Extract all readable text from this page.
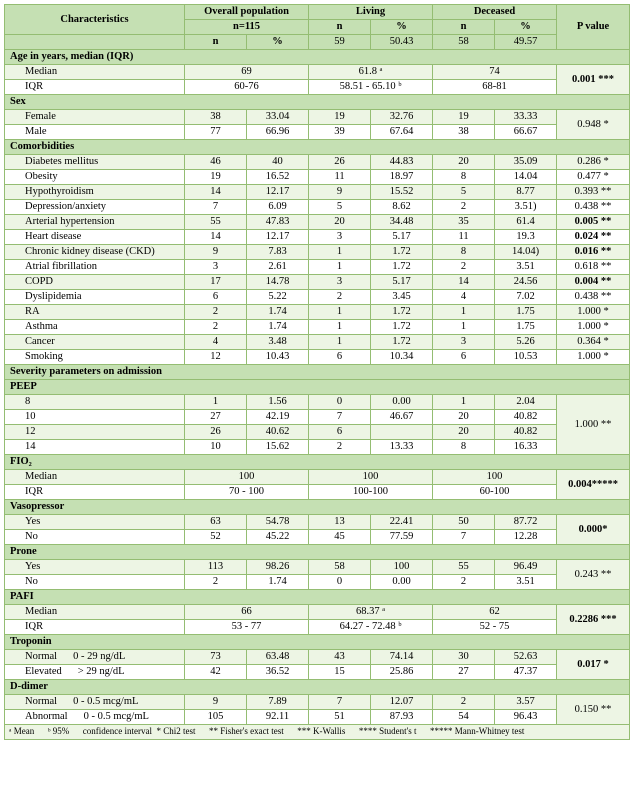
Characteristics	Overall population		Living		Deceased		P value
	n=115		n	%	n	%	
	n	%	59	50.43	58	49.57	
Age in years, median (IQR)							
Median	69		61.8 ᵃ		74		0.001 ***
IQR	60-76		58.51 - 65.10 ᵇ		68-81		
Sex							
Female	38	33.04	19	32.76	19	33.33	0.948 *
Male	77	66.96	39	67.64	38	66.67	
Comorbidities							
Diabetes mellitus	46	40	26	44.83	20	35.09	0.286 *
Obesity	19	16.52	11	18.97	8	14.04	0.477 *
Hypothyroidism	14	12.17	9	15.52	5	8.77	0.393 **
Depression/anxiety	7	6.09	5	8.62	2	3.51)	0.438 **
Arterial hypertension	55	47.83	20	34.48	35	61.4	0.005 **
Heart disease	14	12.17	3	5.17	11	19.3	0.024 **
Chronic kidney disease (CKD)	9	7.83	1	1.72	8	14.04)	0.016 **
Atrial fibrillation	3	2.61	1	1.72	2	3.51	0.618 **
COPD	17	14.78	3	5.17	14	24.56	0.004 **
Dyslipidemia	6	5.22	2	3.45	4	7.02	0.438 **
RA	2	1.74	1	1.72	1	1.75	1.000 *
Asthma	2	1.74	1	1.72	1	1.75	1.000 *
Cancer	4	3.48	1	1.72	3	5.26	0.364 *
Smoking	12	10.43	6	10.34	6	10.53	1.000 *
Severity parameters on admission							
PEEP							
8	1	1.56	0	0.00	1	2.04	1.000 **
10	27	42.19	7	46.67	20	40.82	
12	26	40.62	6		20	40.82	
14	10	15.62	2	13.33	8	16.33	
FIO₂							
Median	100		100		100		0.004*****
IQR	70 - 100		100-100		60-100		
Vasopressor							
Yes	63	54.78	13	22.41	50	87.72	0.000*
No	52	45.22	45	77.59	7	12.28	
Prone							
Yes	113	98.26	58	100	55	96.49	0.243 **
No	2	1.74	0	0.00	2	3.51	
PAFI							
Median	66		68.37 ᵃ		62		0.2286 ***
IQR	53 - 77		64.27 - 72.48 ᵇ		52 - 75		
Troponin							
Normal 0 - 29 ng/dL	73	63.48	43	74.14	30	52.63	0.017 *
Elevated > 29 ng/dL	42	36.52	15	25.86	27	47.37	
D-dimer							
Normal 0 - 0.5 mcg/mL	9	7.89	7	12.07	2	3.57	0.150 **
Abnormal 0 - 0.5 mcg/mL	105	92.11	51	87.93	54	96.43	
ᵃ Mean      ᵇ 95%      confidence interval  * Chi2 test      ** Fisher's exact test      *** K-Wallis      **** Student's t      ***** Mann-Whitney test							
